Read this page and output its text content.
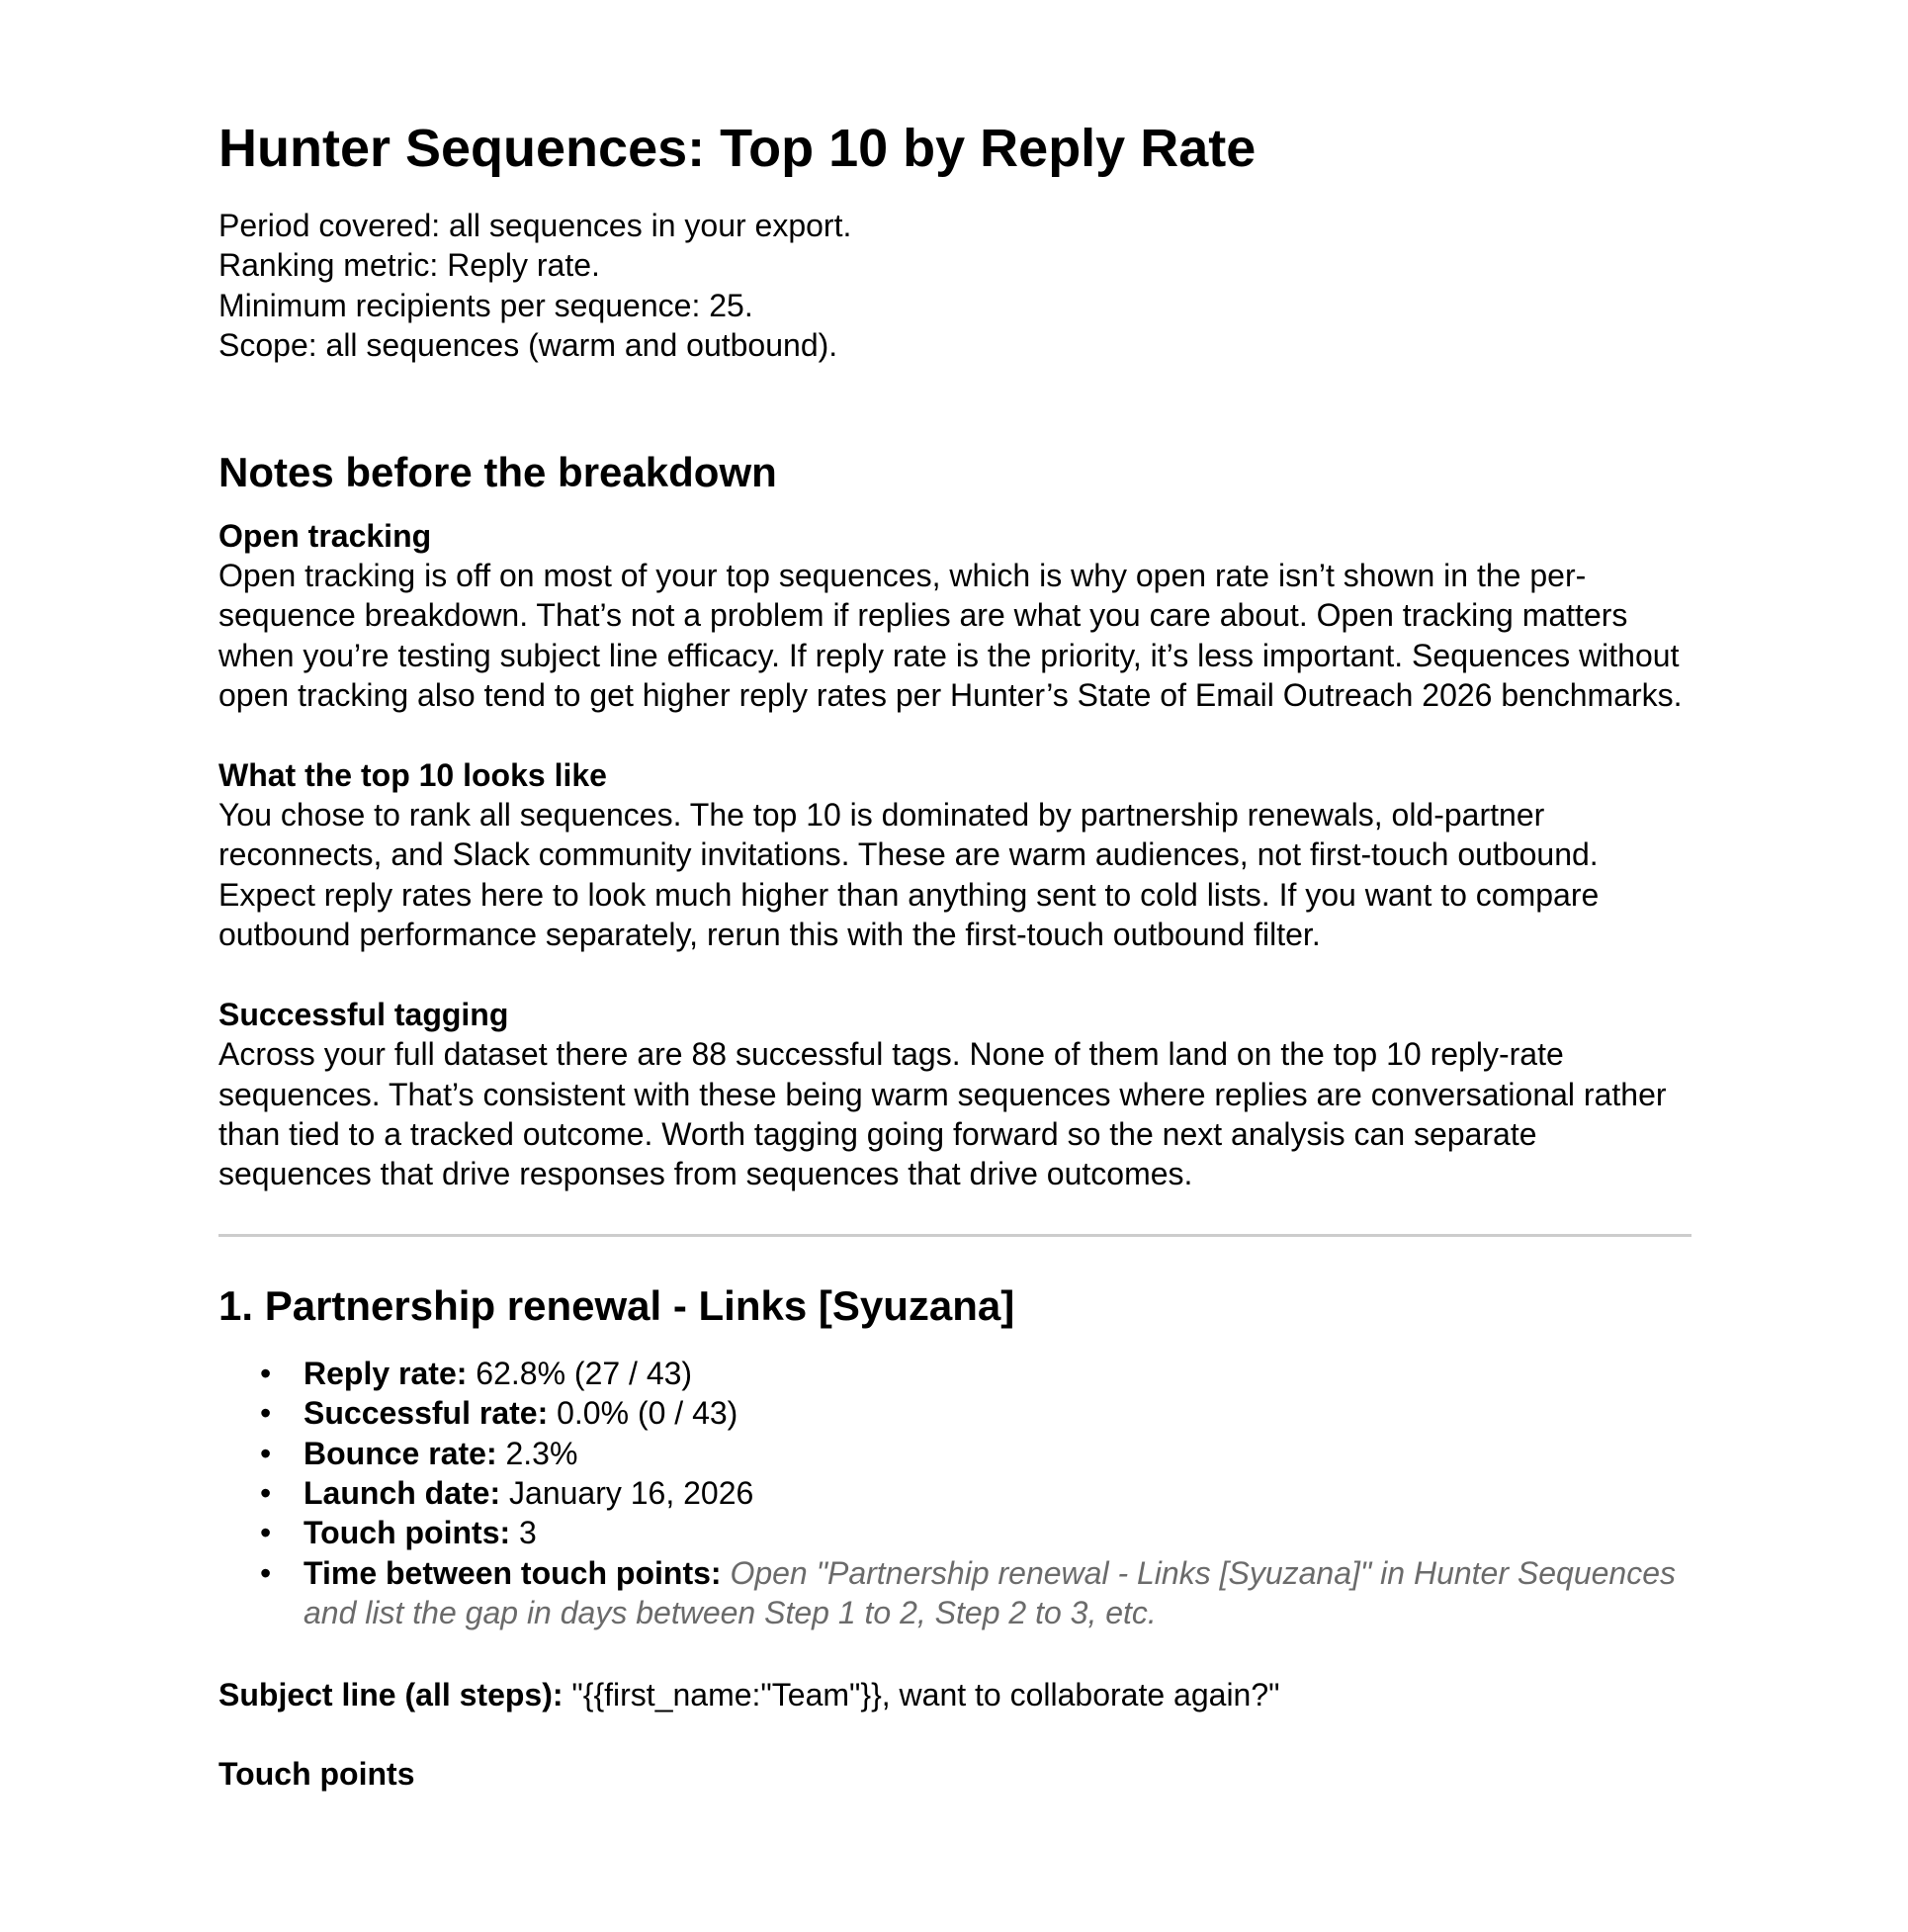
Hunter Sequences: Top 10 by Reply Rate

Period covered: all sequences in your export.

Ranking metric: Reply rate.

Minimum recipients per sequence: 25.

Scope: all sequences (warm and outbound).

Notes before the breakdown
Open tracking

Open tracking is off on most of your top sequences, which is why open rate isn’t shown in the per-sequence breakdown. That’s not a problem if replies are what you care about. Open tracking matters when you’re testing subject line efficacy. If reply rate is the priority, it’s less important. Sequences without open tracking also tend to get higher reply rates per Hunter’s State of Email Outreach 2026 benchmarks.

What the top 10 looks like

You chose to rank all sequences. The top 10 is dominated by partnership renewals, old-partner reconnects, and Slack community invitations. These are warm audiences, not first-touch outbound. Expect reply rates here to look much higher than anything sent to cold lists. If you want to compare outbound performance separately, rerun this with the first-touch outbound filter.

Successful tagging

Across your full dataset there are 88 successful tags. None of them land on the top 10 reply-rate sequences. That’s consistent with these being warm sequences where replies are conversational rather than tied to a tracked outcome. Worth tagging going forward so the next analysis can separate sequences that drive responses from sequences that drive outcomes.

1. Partnership renewal - Links [Syuzana]
• Reply rate: 62.8% (27 / 43)
• Successful rate: 0.0% (0 / 43)
• Bounce rate: 2.3%
• Launch date: January 16, 2026
• Touch points: 3
• Time between touch points: Open "Partnership renewal - Links [Syuzana]" in Hunter Sequences and list the gap in days between Step 1 to 2, Step 2 to 3, etc.

Subject line (all steps): "{{first_name:"Team"}}, want to collaborate again?"

Touch points
